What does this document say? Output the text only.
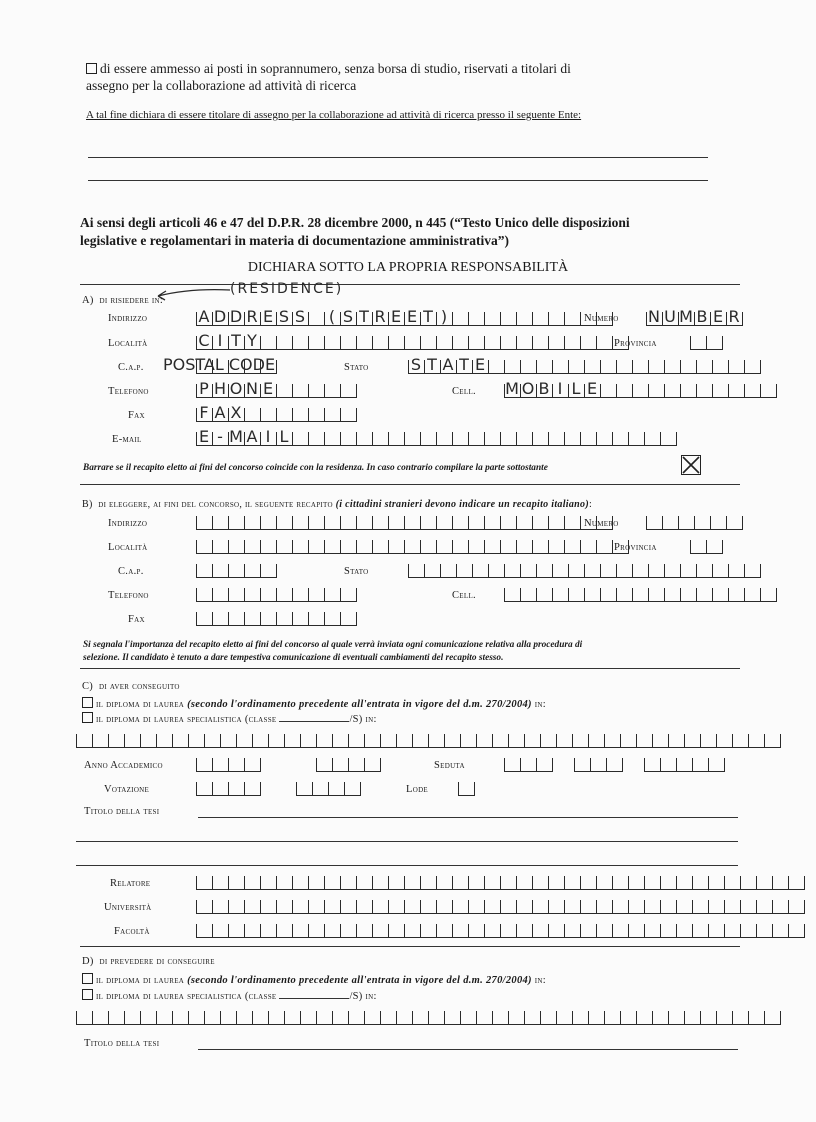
di essere ammesso ai posti in soprannumero, senza borsa di studio, riservati a titolari di
assegno per la collaborazione ad attività di ricerca
A tal fine dichiara di essere titolare di assegno per la collaborazione ad attività di ricerca presso il seguente Ente:
Ai sensi degli articoli 46 e 47 del D.P.R. 28 dicembre 2000, n 445 (“Testo Unico delle disposizioni
legislative e regolamentari in materia di documentazione amministrativa”)
DICHIARA SOTTO LA PROPRIA RESPONSABILITÀ
A) di risiedere in:
(RESIDENCE)
Indirizzo	A D D R E S S ( S T R E E T )	Numero N U M B E R
Località	C I T Y	Provincia
C.a.p. POSTAL CODE	Stato	S T A T E
Telefono	P H O N E	Cell. M O B I L E
Fax	F A X
E-mail	E - M A I L
Barrare se il recapito eletto ai fini del concorso coincide con la residenza. In caso contrario compilare la parte sottostante
B) di eleggere, ai fini del concorso, il seguente recapito (i cittadini stranieri devono indicare un recapito italiano):
Indirizzo	Numero
Località	Provincia
C.a.p.	Stato
Telefono	Cell.
Fax
Si segnala l'importanza del recapito eletto ai fini del concorso al quale verrà inviata ogni comunicazione relativa alla procedura di
selezione. Il candidato è tenuto a dare tempestiva comunicazione di eventuali cambiamenti del recapito stesso.
C) di aver conseguito
il diploma di laurea (secondo l'ordinamento precedente all'entrata in vigore del d.m. 270/2004) in:
il diploma di laurea specialistica (classe	/S) in:
Anno Accademico	Seduta
Votazione	Lode
Titolo della tesi
Relatore
Università
Facoltà
D) di prevedere di conseguire
il diploma di laurea (secondo l'ordinamento precedente all'entrata in vigore del d.m. 270/2004) in:
il diploma di laurea specialistica (classe	/S) in:
Titolo della tesi
